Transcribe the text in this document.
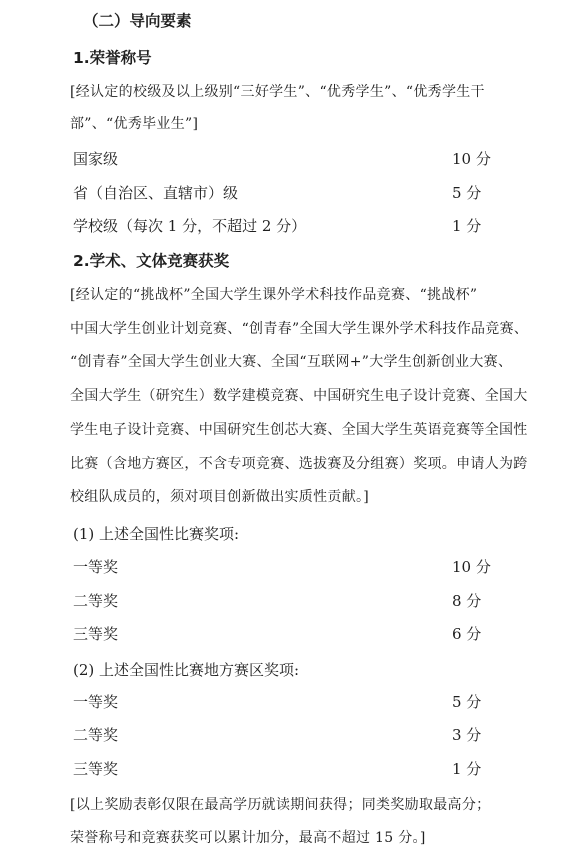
（二）导向要素
1.荣誉称号
[经认定的校级及以上级别“三好学生”、“优秀学生”、“优秀学生干
部”、“优秀毕业生”]
国家级	10 分
省（自治区、直辖市）级	5 分
学校级（每次 1 分，不超过 2 分）	1 分
2.学术、文体竞赛获奖
[经认定的“挑战杯”全国大学生课外学术科技作品竞赛、“挑战杯”
中国大学生创业计划竞赛、“创青春”全国大学生课外学术科技作品竞赛、
“创青春”全国大学生创业大赛、全国“互联网+”大学生创新创业大赛、
全国大学生（研究生）数学建模竞赛、中国研究生电子设计竞赛、全国大
学生电子设计竞赛、中国研究生创芯大赛、全国大学生英语竞赛等全国性
比赛（含地方赛区，不含专项竞赛、选拔赛及分组赛）奖项。申请人为跨
校组队成员的，须对项目创新做出实质性贡献。]
(1) 上述全国性比赛奖项:
一等奖	10 分
二等奖	8 分
三等奖	6 分
(2) 上述全国性比赛地方赛区奖项:
一等奖	5 分
二等奖	3 分
三等奖	1 分
[以上奖励表彰仅限在最高学历就读期间获得；同类奖励取最高分；
荣誉称号和竞赛获奖可以累计加分，最高不超过 15 分。]
